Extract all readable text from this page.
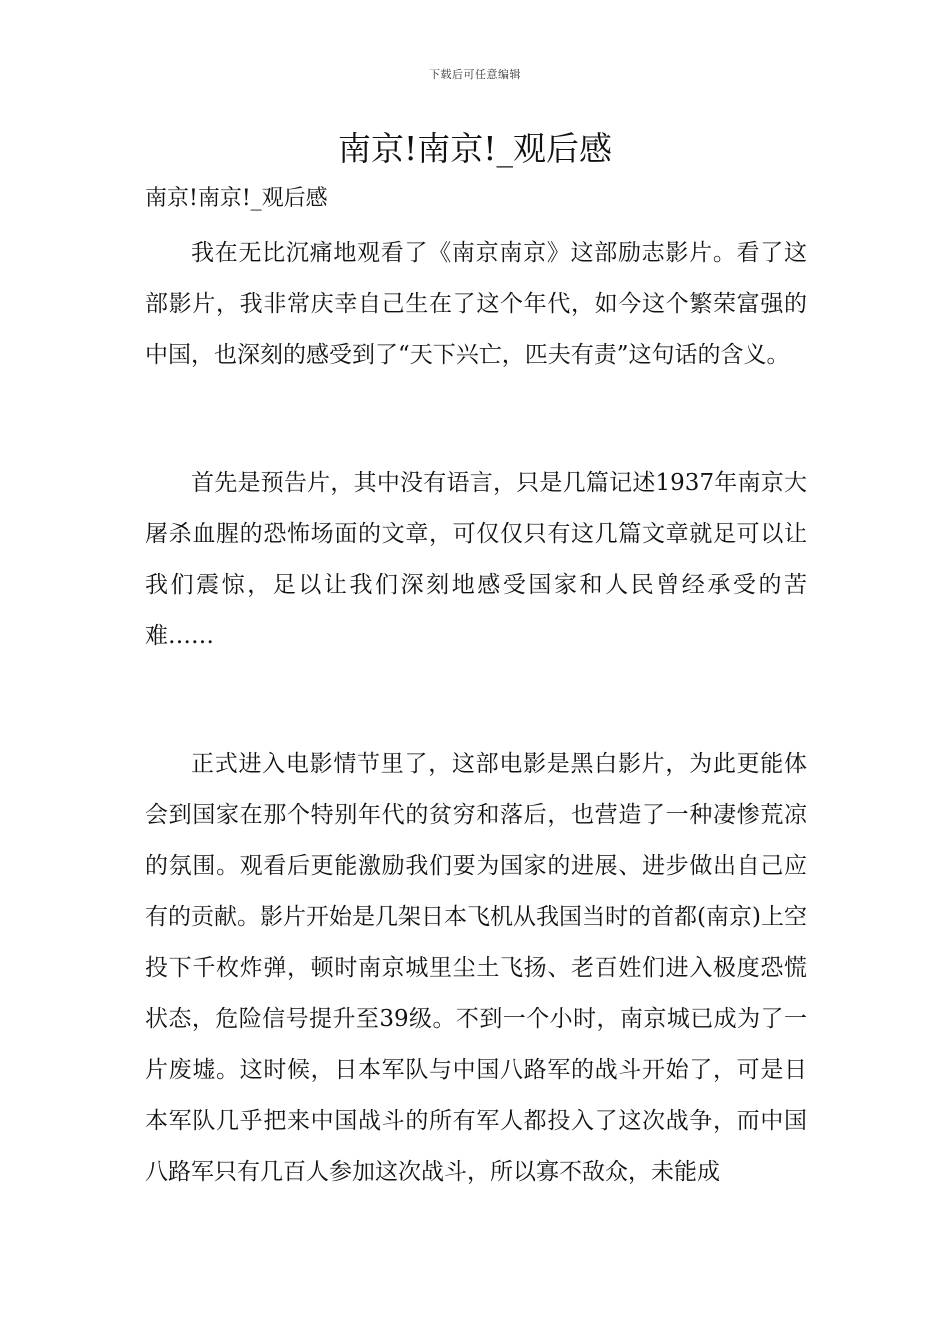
下载后可任意编辑
南京!南京!_观后感

南京!南京!_观后感

我在无比沉痛地观看了《南京南京》这部励志影片。看了这部影片，我非常庆幸自己生在了这个年代，如今这个繁荣富强的中国，也深刻的感受到了“天下兴亡，匹夫有责”这句话的含义。

首先是预告片，其中没有语言，只是几篇记述1937年南京大屠杀血腥的恐怖场面的文章，可仅仅只有这几篇文章就足可以让我们震惊，足以让我们深刻地感受国家和人民曾经承受的苦难……

正式进入电影情节里了，这部电影是黑白影片，为此更能体会到国家在那个特别年代的贫穷和落后，也营造了一种凄惨荒凉的氛围。观看后更能激励我们要为国家的进展、进步做出自己应有的贡献。影片开始是几架日本飞机从我国当时的首都(南京)上空投下千枚炸弹，顿时南京城里尘土飞扬、老百姓们进入极度恐慌状态，危险信号提升至39级。不到一个小时，南京城已成为了一片废墟。这时候，日本军队与中国八路军的战斗开始了，可是日本军队几乎把来中国战斗的所有军人都投入了这次战争，而中国八路军只有几百人参加这次战斗，所以寡不敌众，未能成
